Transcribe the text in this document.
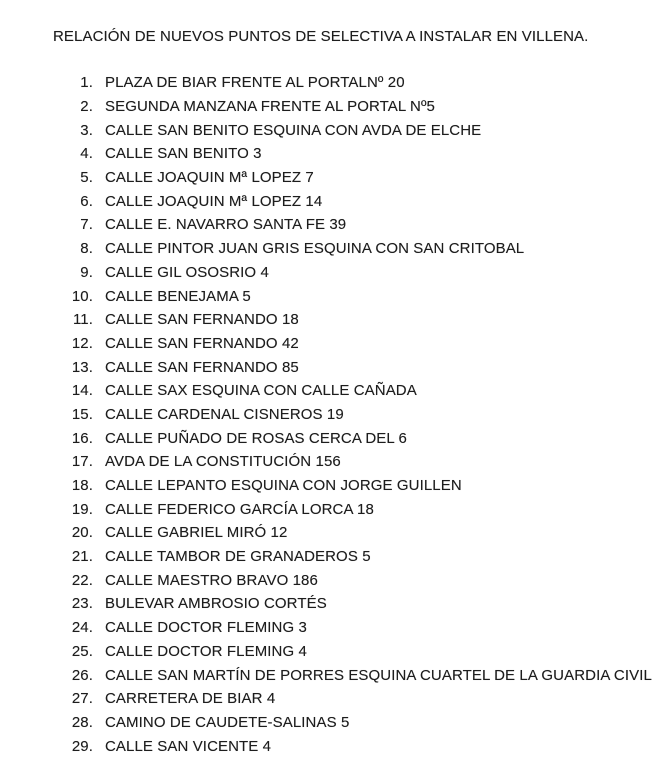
RELACIÓN DE NUEVOS PUNTOS DE SELECTIVA A INSTALAR EN VILLENA.
1. PLAZA DE BIAR FRENTE AL PORTALNº 20
2. SEGUNDA MANZANA FRENTE AL PORTAL Nº5
3. CALLE SAN BENITO ESQUINA CON AVDA DE ELCHE
4. CALLE SAN BENITO 3
5. CALLE JOAQUIN Mª LOPEZ 7
6. CALLE JOAQUIN Mª LOPEZ 14
7. CALLE E. NAVARRO SANTA FE 39
8. CALLE PINTOR JUAN GRIS ESQUINA CON SAN CRITOBAL
9. CALLE GIL OSOSRIO 4
10. CALLE BENEJAMA 5
11. CALLE SAN FERNANDO 18
12. CALLE SAN FERNANDO 42
13. CALLE SAN FERNANDO 85
14. CALLE SAX ESQUINA CON CALLE CAÑADA
15. CALLE CARDENAL CISNEROS 19
16. CALLE PUÑADO DE ROSAS CERCA DEL 6
17. AVDA DE LA CONSTITUCIÓN 156
18. CALLE LEPANTO ESQUINA CON JORGE GUILLEN
19. CALLE FEDERICO GARCÍA LORCA 18
20. CALLE GABRIEL MIRÓ 12
21. CALLE TAMBOR DE GRANADEROS 5
22. CALLE MAESTRO BRAVO 186
23. BULEVAR AMBROSIO CORTÉS
24. CALLE DOCTOR FLEMING 3
25. CALLE DOCTOR FLEMING 4
26. CALLE SAN MARTÍN DE PORRES ESQUINA CUARTEL DE LA GUARDIA CIVIL
27. CARRETERA DE BIAR 4
28. CAMINO DE CAUDETE-SALINAS 5
29. CALLE SAN VICENTE 4
